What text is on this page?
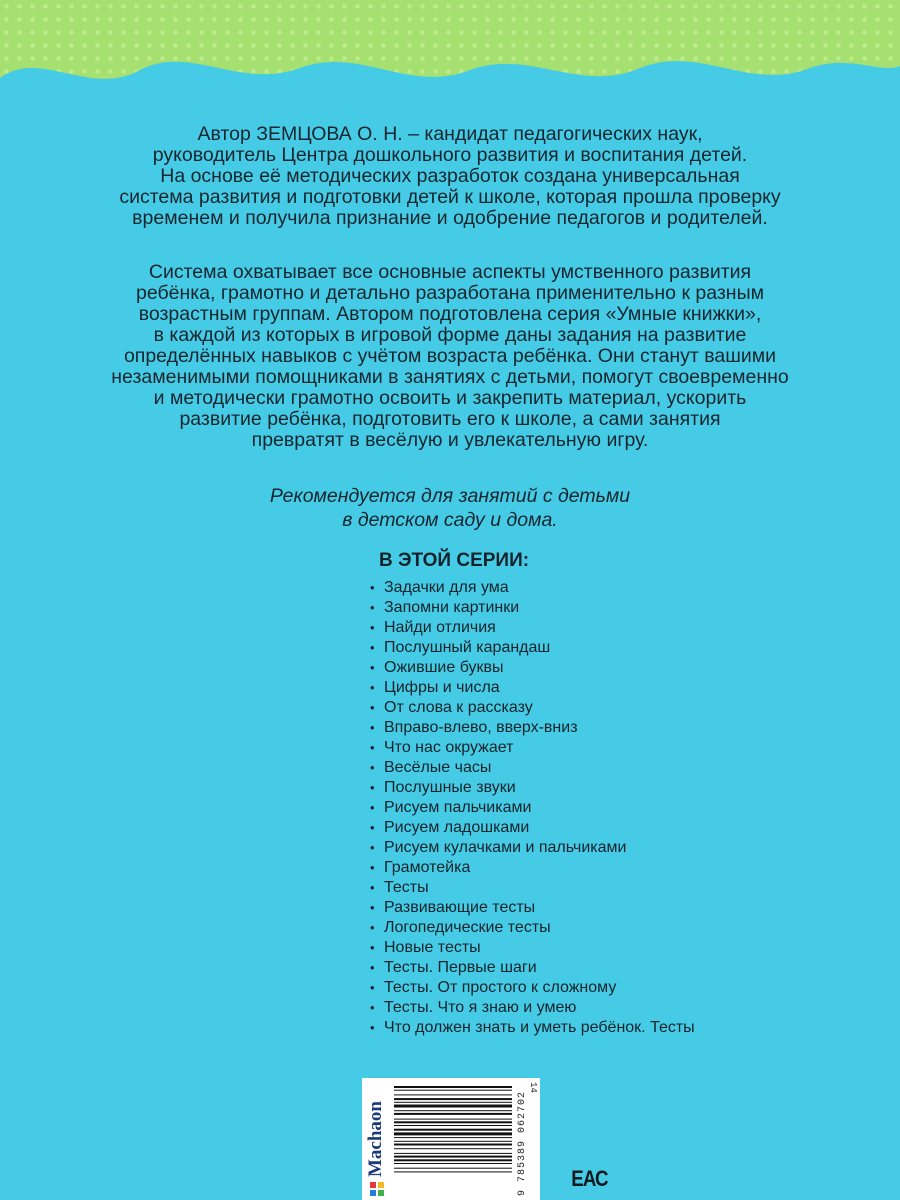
Автор ЗЕМЦОВА О. Н. – кандидат педагогических наук,
руководитель Центра дошкольного развития и воспитания детей.
На основе её методических разработок создана универсальная
система развития и подготовки детей к школе, которая прошла проверку
временем и получила признание и одобрение педагогов и родителей.
Система охватывает все основные аспекты умственного развития
ребёнка, грамотно и детально разработана применительно к разным
возрастным группам. Автором подготовлена серия «Умные книжки»,
в каждой из которых в игровой форме даны задания на развитие
определённых навыков с учётом возраста ребёнка. Они станут вашими
незаменимыми помощниками в занятиях с детьми, помогут своевременно
и методически грамотно освоить и закрепить материал, ускорить
развитие ребёнка, подготовить его к школе, а сами занятия
превратят в весёлую и увлекательную игру.
Рекомендуется для занятий с детьми
в детском саду и дома.
В ЭТОЙ СЕРИИ:
• Задачки для ума
• Запомни картинки
• Найди отличия
• Послушный карандаш
• Ожившие буквы
• Цифры и числа
• От слова к рассказу
• Вправо-влево, вверх-вниз
• Что нас окружает
• Весёлые часы
• Послушные звуки
• Рисуем пальчиками
• Рисуем ладошками
• Рисуем кулачками и пальчиками
• Грамотейка
• Тесты
• Развивающие тесты
• Логопедические тесты
• Новые тесты
• Тесты. Первые шаги
• Тесты. От простого к сложному
• Тесты. Что я знаю и умею
• Что должен знать и уметь ребёнок. Тесты
Machaon
14
9 785389 062702 ЕАС
